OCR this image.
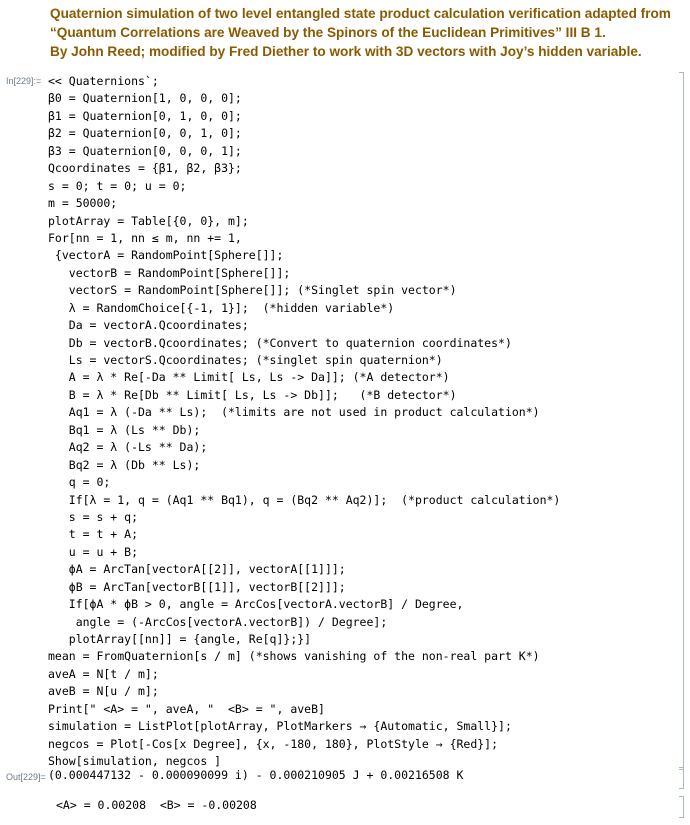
Quaternion simulation of two level entangled state product calculation verification adapted from
“Quantum Correlations are Weaved by the Spinors of the Euclidean Primitives” III B 1.
By John Reed; modified by Fred Diether to work with 3D vectors with Joy’s hidden variable.
In[229]:= << Quaternions`;
β0 = Quaternion[1, 0, 0, 0];
β1 = Quaternion[0, 1, 0, 0];
β2 = Quaternion[0, 0, 1, 0];
β3 = Quaternion[0, 0, 0, 1];
Qcoordinates = {β1, β2, β3};
s = 0; t = 0; u = 0;
m = 50000;
plotArray = Table[{0, 0}, m];
For[nn = 1, nn ≤ m, nn += 1,
{vectorA = RandomPoint[Sphere[]];
vectorB = RandomPoint[Sphere[]];
vectorS = RandomPoint[Sphere[]]; (*Singlet spin vector*)
λ = RandomChoice[{-1, 1}];  (*hidden variable*)
Da = vectorA.Qcoordinates;
Db = vectorB.Qcoordinates; (*Convert to quaternion coordinates*)
Ls = vectorS.Qcoordinates; (*singlet spin quaternion*)
A = λ * Re[-Da ** Limit[ Ls, Ls -> Da]]; (*A detector*)
B = λ * Re[Db ** Limit[ Ls, Ls -> Db]];   (*B detector*)
Aq1 = λ (-Da ** Ls);  (*limits are not used in product calculation*)
Bq1 = λ (Ls ** Db);
Aq2 = λ (-Ls ** Da);
Bq2 = λ (Db ** Ls);
q = 0;
If[λ = 1, q = (Aq1 ** Bq1), q = (Bq2 ** Aq2)];  (*product calculation*)
s = s + q;
t = t + A;
u = u + B;
ϕA = ArcTan[vectorA[[2]], vectorA[[1]]];
ϕB = ArcTan[vectorB[[1]], vectorB[[2]]];
If[ϕA * ϕB > 0, angle = ArcCos[vectorA.vectorB] / Degree,
angle = (-ArcCos[vectorA.vectorB]) / Degree];
plotArray[[nn]] = {angle, Re[q]};}]
mean = FromQuaternion[s / m] (*shows vanishing of the non-real part K*)
aveA = N[t / m];
aveB = N[u / m];
Print[" <A> = ", aveA, "  <B> = ", aveB]
simulation = ListPlot[plotArray, PlotMarkers → {Automatic, Small}];
negcos = Plot[-Cos[x Degree], {x, -180, 180}, PlotStyle → {Red}];
Show[simulation, negcos ]
Out[229]= (0.000447132 - 0.000090099 i) - 0.000210905 J + 0.00216508 K
<A> = 0.00208  <B> = -0.00208
